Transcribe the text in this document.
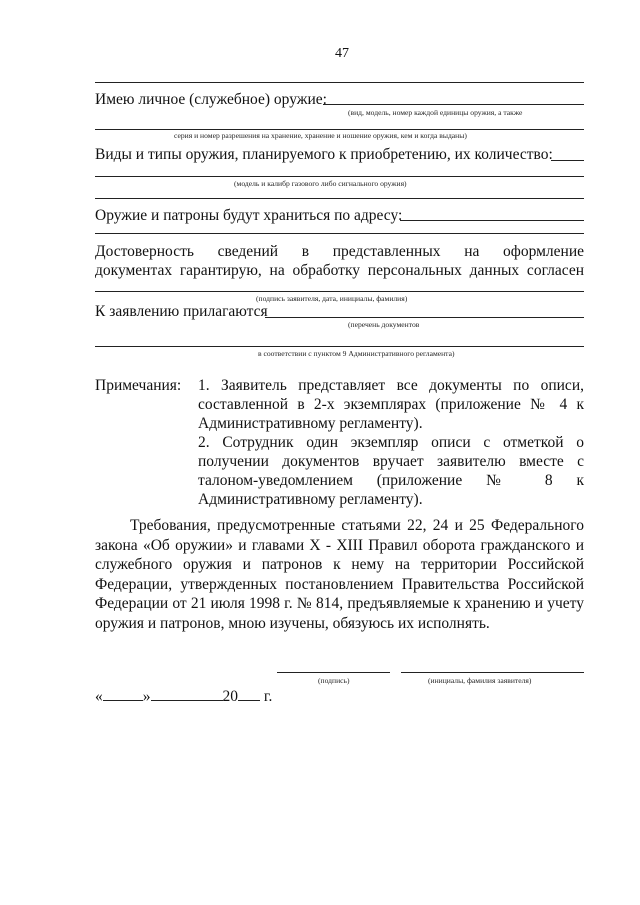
47
Имею личное (служебное) оружие:
(вид, модель, номер каждой единицы оружия, а также
серия и номер разрешения на хранение, хранение и ношение оружия, кем и когда выданы)
Виды и типы оружия, планируемого к приобретению, их количество:
(модель и калибр газового либо сигнального оружия)
Оружие и патроны будут храниться по адресу:
Достоверность сведений в представленных на оформление
документах гарантирую, на обработку персональных данных согласен
(подпись заявителя, дата, инициалы, фамилия)
К заявлению прилагаются
(перечень документов
в соответствии с пунктом 9 Административного регламента)
Примечания:	1. Заявитель представляет все документы по описи, составленной в 2-х экземплярах (приложение № 4 к Административному регламенту).

2. Сотрудник один экземпляр описи с отметкой о получении документов вручает заявителю вместе с талоном-уведомлением (приложение № 8 к Административному регламенту).

Требования, предусмотренные статьями 22, 24 и 25 Федерального закона «Об оружии» и главами X - XIII Правил оборота гражданского и служебного оружия и патронов к нему на территории Российской Федерации, утвержденных постановлением Правительства Российской Федерации от 21 июля 1998 г. № 814, предъявляемые к хранению и учету оружия и патронов, мною изучены, обязуюсь их исполнять.
(подпись)	(инициалы, фамилия заявителя)
«	»	20 г.
